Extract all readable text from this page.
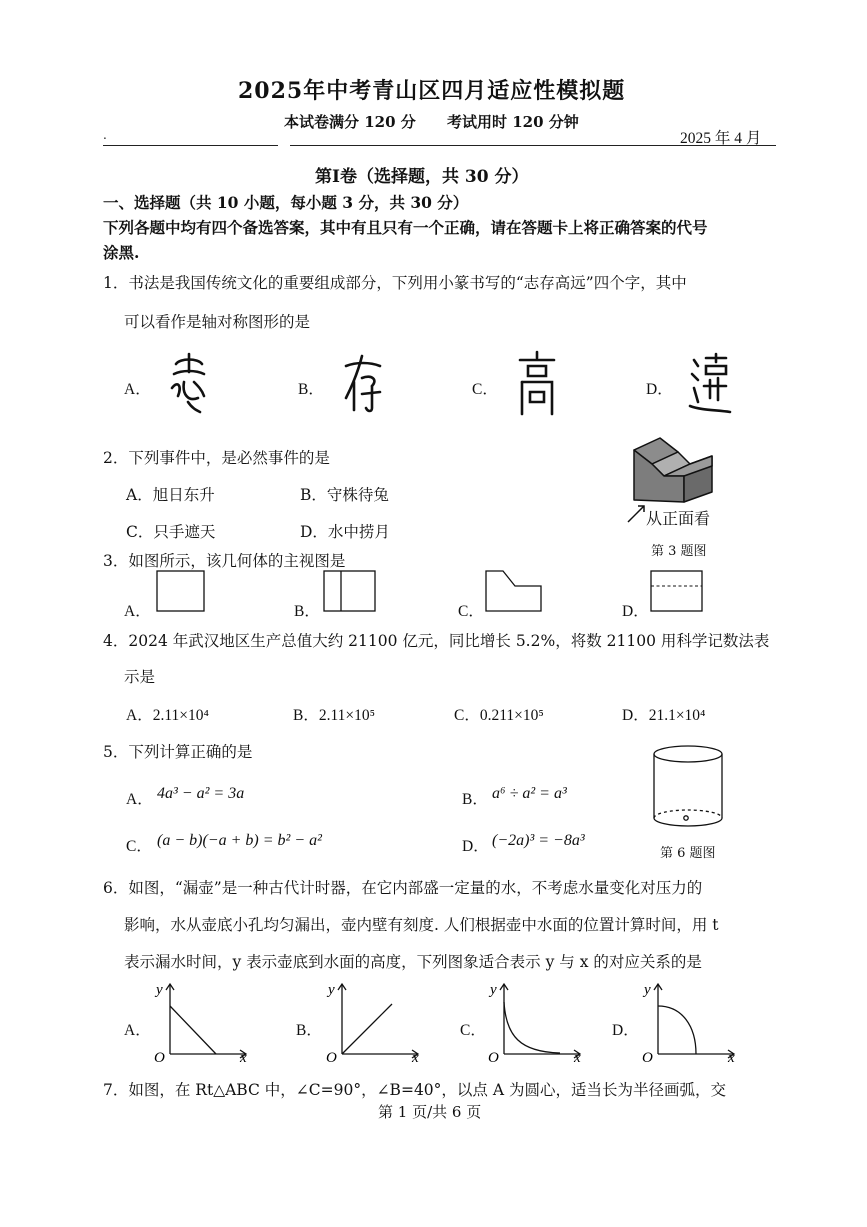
2025年中考青山区四月适应性模拟题
本试卷满分 120 分 考试用时 120 分钟
.	2025 年 4 月
第Ⅰ卷（选择题，共 30 分）
一、选择题（共 10 小题，每小题 3 分，共 30 分）
下列各题中均有四个备选答案，其中有且只有一个正确，请在答题卡上将正确答案的代号
涂黑.
1．书法是我国传统文化的重要组成部分，下列用小篆书写的“志存高远”四个字，其中
可以看作是轴对称图形的是
A．	B．	C．	D．
2．下列事件中，是必然事件的是
A．旭日东升	B．守株待兔
C．只手遮天	D．水中捞月
从正面看
第 3 题图
3．如图所示，该几何体的主视图是
A．	B．	C．	D．
4．2024 年武汉地区生产总值大约 21100 亿元，同比增长 5.2%，将数 21100 用科学记数法表
示是
A．2.11×10⁴	B．2.11×10⁵	C．0.211×10⁵	D．21.1×10⁴
5．下列计算正确的是
A． 4a³ − a² = 3a	B． a⁶ ÷ a² = a³
C． (a − b)(−a + b) = b² − a²	D． (−2a)³ = −8a³
第 6 题图
6．如图，“漏壶”是一种古代计时器，在它内部盛一定量的水，不考虑水量变化对压力的
影响，水从壶底小孔均匀漏出，壶内壁有刻度. 人们根据壶中水面的位置计算时间，用 t
表示漏水时间，y 表示壶底到水面的高度，下列图象适合表示 y 与 x 的对应关系的是
A．	B．	C．	D．
y
x
O
y
x
O
y
x
O
y
x
O
7．如图，在 Rt△ABC 中，∠C=90°，∠B=40°，以点 A 为圆心，适当长为半径画弧，交
第 1 页/共 6 页
